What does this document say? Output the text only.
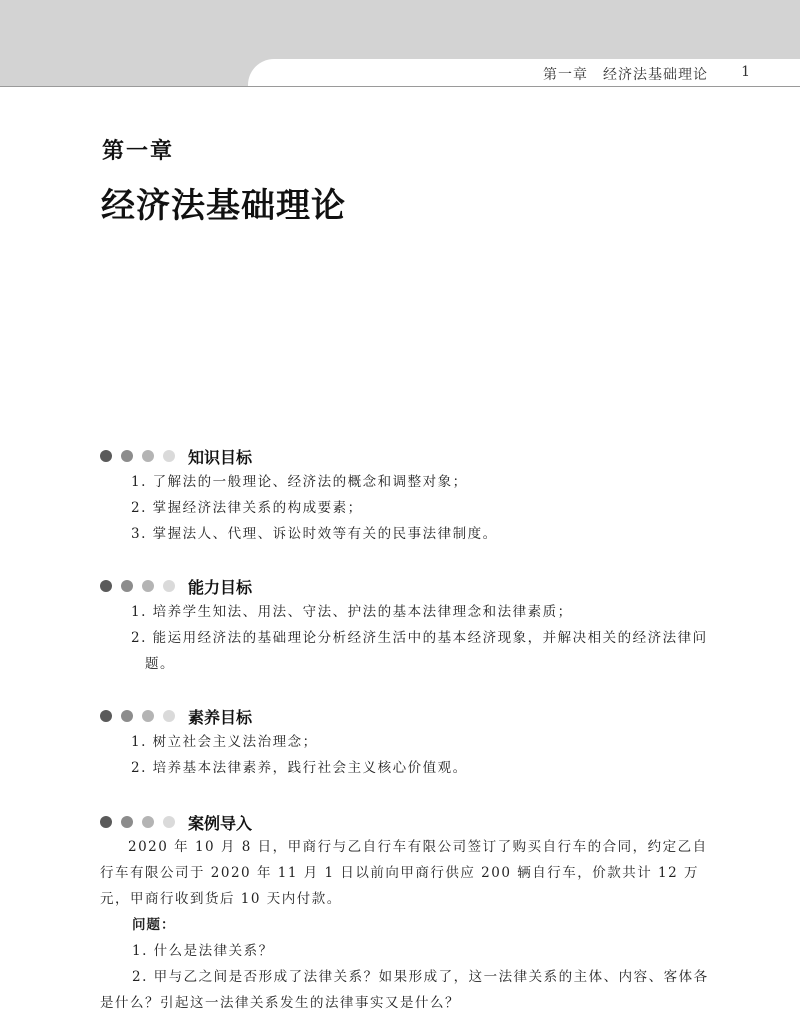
第一章　经济法基础理论 1
第一章
经济法基础理论
知识目标
1. 了解法的一般理论、经济法的概念和调整对象；
2. 掌握经济法律关系的构成要素；
3. 掌握法人、代理、诉讼时效等有关的民事法律制度。
能力目标
1. 培养学生知法、用法、守法、护法的基本法律理念和法律素质；
2. 能运用经济法的基础理论分析经济生活中的基本经济现象，并解决相关的经济法律问题。
素养目标
1. 树立社会主义法治理念；
2. 培养基本法律素养，践行社会主义核心价值观。
案例导入
2020 年 10 月 8 日，甲商行与乙自行车有限公司签订了购买自行车的合同，约定乙自行车有限公司于 2020 年 11 月 1 日以前向甲商行供应 200 辆自行车，价款共计 12 万元，甲商行收到货后 10 天内付款。
问题：
1. 什么是法律关系？
2. 甲与乙之间是否形成了法律关系？如果形成了，这一法律关系的主体、内容、客体各是什么？引起这一法律关系发生的法律事实又是什么？
